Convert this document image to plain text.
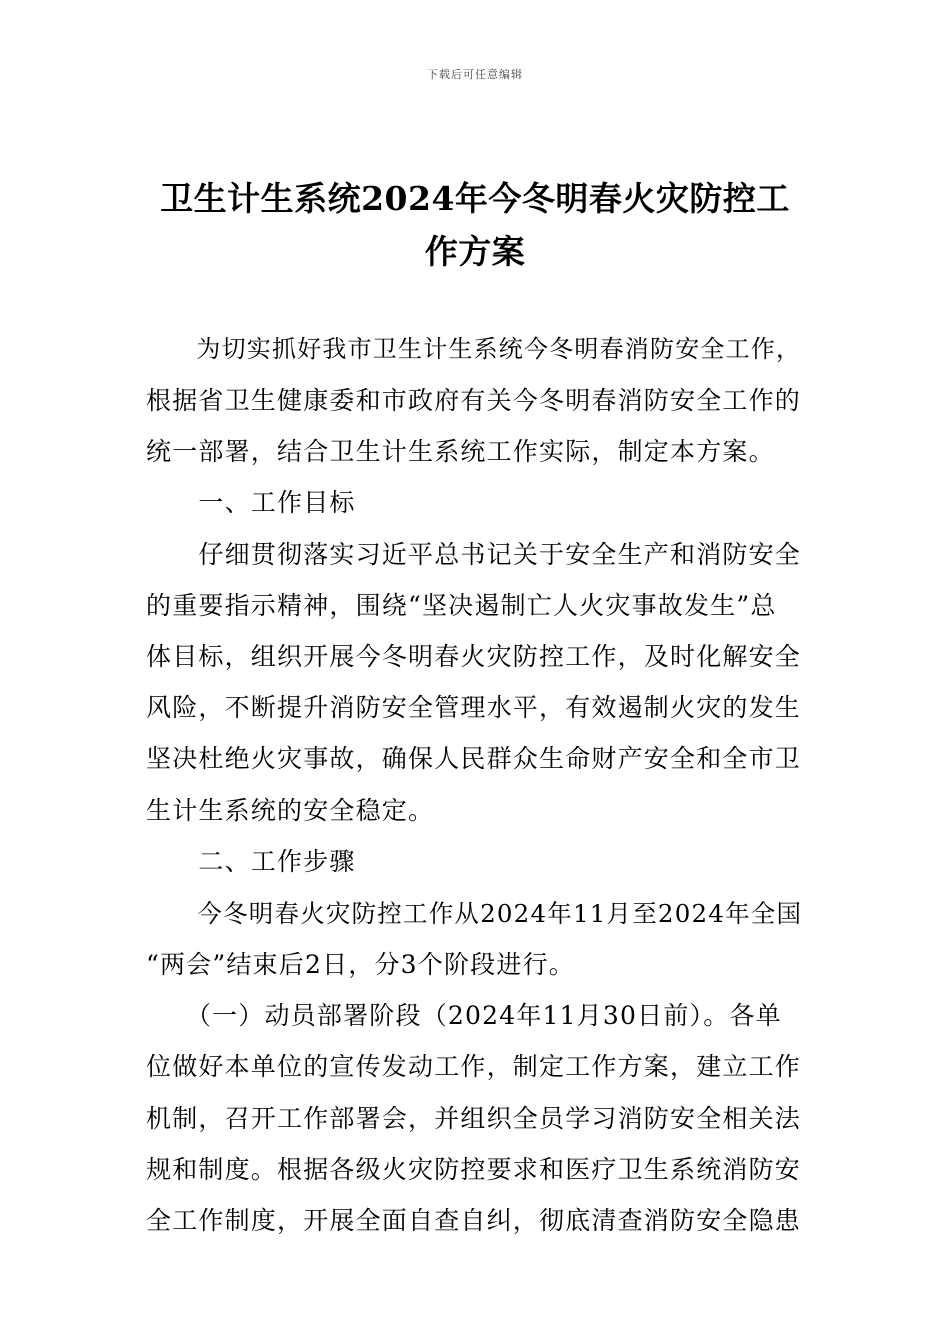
下载后可任意编辑
卫生计生系统2024年今冬明春火灾防控工
作方案
　　为切实抓好我市卫生计生系统今冬明春消防安全工作，
根据省卫生健康委和市政府有关今冬明春消防安全工作的
统一部署，结合卫生计生系统工作实际，制定本方案。
　　一、工作目标
　　仔细贯彻落实习近平总书记关于安全生产和消防安全
的重要指示精神，围绕“坚决遏制亡人火灾事故发生”总
体目标，组织开展今冬明春火灾防控工作，及时化解安全
风险，不断提升消防安全管理水平，有效遏制火灾的发生
坚决杜绝火灾事故，确保人民群众生命财产安全和全市卫
生计生系统的安全稳定。
　　二、工作步骤
　　今冬明春火灾防控工作从2024年11月至2024年全国
“两会”结束后2日，分3个阶段进行。
　　（一）动员部署阶段（2024年11月30日前）。各单
位做好本单位的宣传发动工作，制定工作方案，建立工作
机制，召开工作部署会，并组织全员学习消防安全相关法
规和制度。根据各级火灾防控要求和医疗卫生系统消防安
全工作制度，开展全面自查自纠，彻底清查消防安全隐患
